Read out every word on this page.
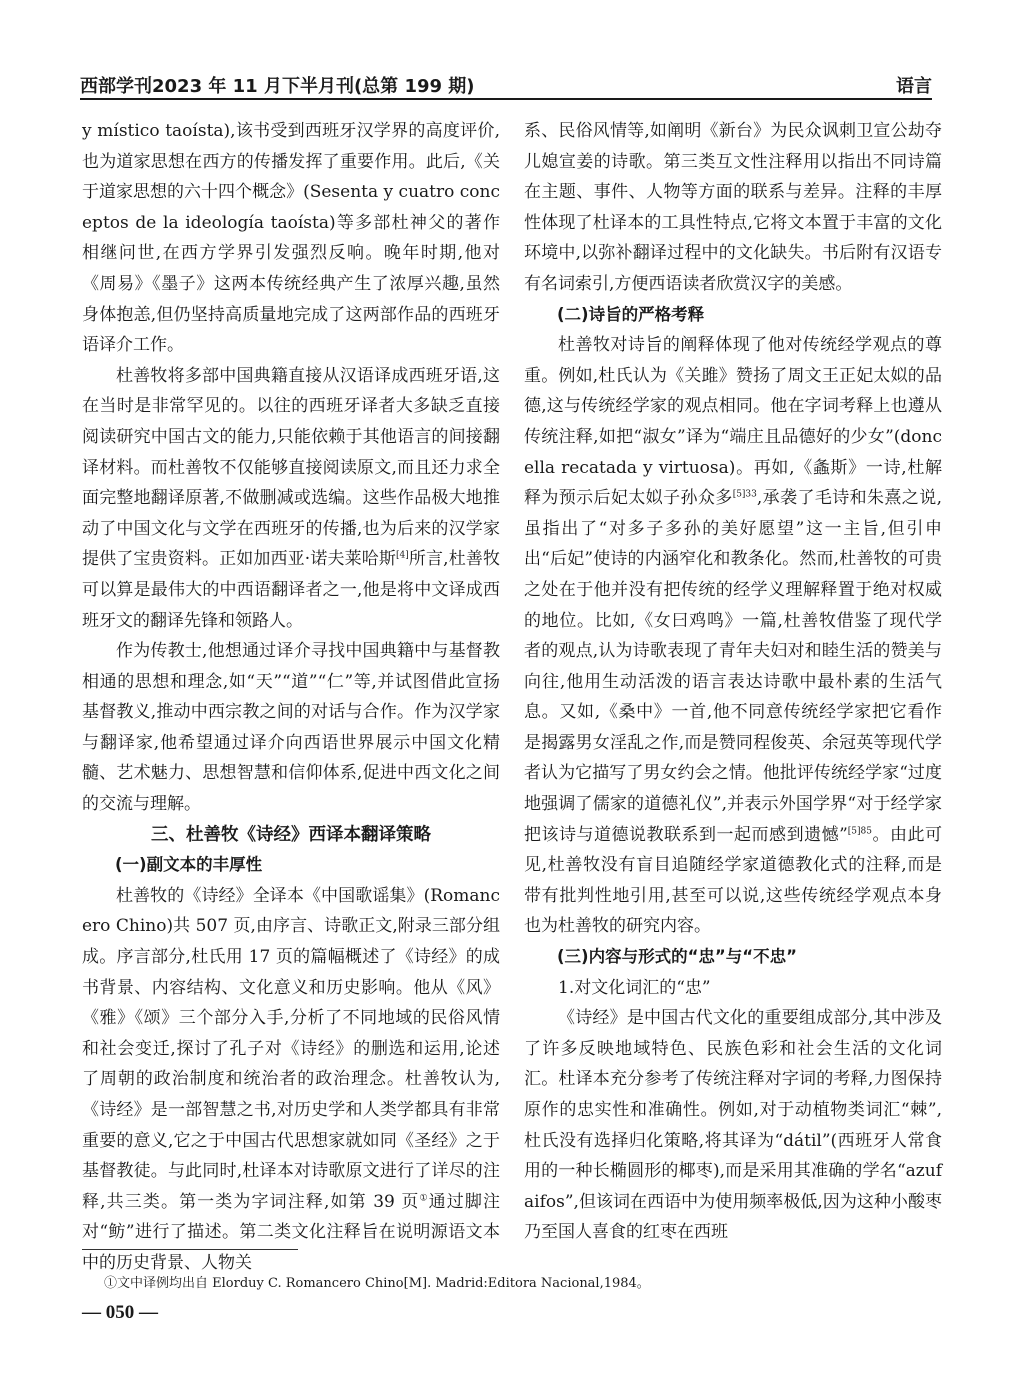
西部学刊2023 年 11 月下半月刊(总第 199 期)	语言

y místico taoísta),该书受到西班牙汉学界的高度评价,也为道家思想在西方的传播发挥了重要作用。此后,《关于道家思想的六十四个概念》(Sesenta y cuatro conceptos de la ideología taoísta)等多部杜神父的著作相继问世,在西方学界引发强烈反响。晚年时期,他对《周易》《墨子》这两本传统经典产生了浓厚兴趣,虽然身体抱恙,但仍坚持高质量地完成了这两部作品的西班牙语译介工作。

杜善牧将多部中国典籍直接从汉语译成西班牙语,这在当时是非常罕见的。以往的西班牙译者大多缺乏直接阅读研究中国古文的能力,只能依赖于其他语言的间接翻译材料。而杜善牧不仅能够直接阅读原文,而且还力求全面完整地翻译原著,不做删减或选编。这些作品极大地推动了中国文化与文学在西班牙的传播,也为后来的汉学家提供了宝贵资料。正如加西亚·诺夫莱哈斯[4]所言,杜善牧可以算是最伟大的中西语翻译者之一,他是将中文译成西班牙文的翻译先锋和领路人。

作为传教士,他想通过译介寻找中国典籍中与基督教相通的思想和理念,如“天”“道”“仁”等,并试图借此宣扬基督教义,推动中西宗教之间的对话与合作。作为汉学家与翻译家,他希望通过译介向西语世界展示中国文化精髓、艺术魅力、思想智慧和信仰体系,促进中西文化之间的交流与理解。

三、杜善牧《诗经》西译本翻译策略
(一)副文本的丰厚性

杜善牧的《诗经》全译本《中国歌谣集》(Romancero Chino)共 507 页,由序言、诗歌正文,附录三部分组成。序言部分,杜氏用 17 页的篇幅概述了《诗经》的成书背景、内容结构、文化意义和历史影响。他从《风》《雅》《颂》三个部分入手,分析了不同地域的民俗风情和社会变迁,探讨了孔子对《诗经》的删选和运用,论述了周朝的政治制度和统治者的政治理念。杜善牧认为,《诗经》是一部智慧之书,对历史学和人类学都具有非常重要的意义,它之于中国古代思想家就如同《圣经》之于基督教徒。与此同时,杜译本对诗歌原文进行了详尽的注释,共三类。第一类为字词注释,如第 39 页①通过脚注对“鲂”进行了描述。第二类文化注释旨在说明源语文本中的历史背景、人物关

系、民俗风情等,如阐明《新台》为民众讽刺卫宣公劫夺儿媳宣姜的诗歌。第三类互文性注释用以指出不同诗篇在主题、事件、人物等方面的联系与差异。注释的丰厚性体现了杜译本的工具性特点,它将文本置于丰富的文化环境中,以弥补翻译过程中的文化缺失。书后附有汉语专有名词索引,方便西语读者欣赏汉字的美感。

(二)诗旨的严格考释

杜善牧对诗旨的阐释体现了他对传统经学观点的尊重。例如,杜氏认为《关雎》赞扬了周文王正妃太姒的品德,这与传统经学家的观点相同。他在字词考释上也遵从传统注释,如把“淑女”译为“端庄且品德好的少女”(doncella recatada y virtuosa)。再如,《螽斯》一诗,杜解释为预示后妃太姒子孙众多$^{[5]33}$,承袭了毛诗和朱熹之说,虽指出了“对多子多孙的美好愿望”这一主旨,但引申出“后妃”使诗的内涵窄化和教条化。然而,杜善牧的可贵之处在于他并没有把传统的经学义理解释置于绝对权威的地位。比如,《女曰鸡鸣》一篇,杜善牧借鉴了现代学者的观点,认为诗歌表现了青年夫妇对和睦生活的赞美与向往,他用生动活泼的语言表达诗歌中最朴素的生活气息。又如,《桑中》一首,他不同意传统经学家把它看作是揭露男女淫乱之作,而是赞同程俊英、余冠英等现代学者认为它描写了男女约会之情。他批评传统经学家“过度地强调了儒家的道德礼仪”,并表示外国学界“对于经学家把该诗与道德说教联系到一起而感到遗憾”$^{[5]85}$。由此可见,杜善牧没有盲目追随经学家道德教化式的注释,而是带有批判性地引用,甚至可以说,这些传统经学观点本身也为杜善牧的研究内容。

(三)内容与形式的“忠”与“不忠”

1.对文化词汇的“忠”

《诗经》是中国古代文化的重要组成部分,其中涉及了许多反映地域特色、民族色彩和社会生活的文化词汇。杜译本充分参考了传统注释对字词的考释,力图保持原作的忠实性和准确性。例如,对于动植物类词汇“棘”,杜氏没有选择归化策略,将其译为“dátil”(西班牙人常食用的一种长椭圆形的椰枣),而是采用其准确的学名“azufaifos”,但该词在西语中为使用频率极低,因为这种小酸枣乃至国人喜食的红枣在西班

①文中译例均出自 Elorduy C. Romancero Chino[M]. Madrid:Editora Nacional,1984。
— 050 —
